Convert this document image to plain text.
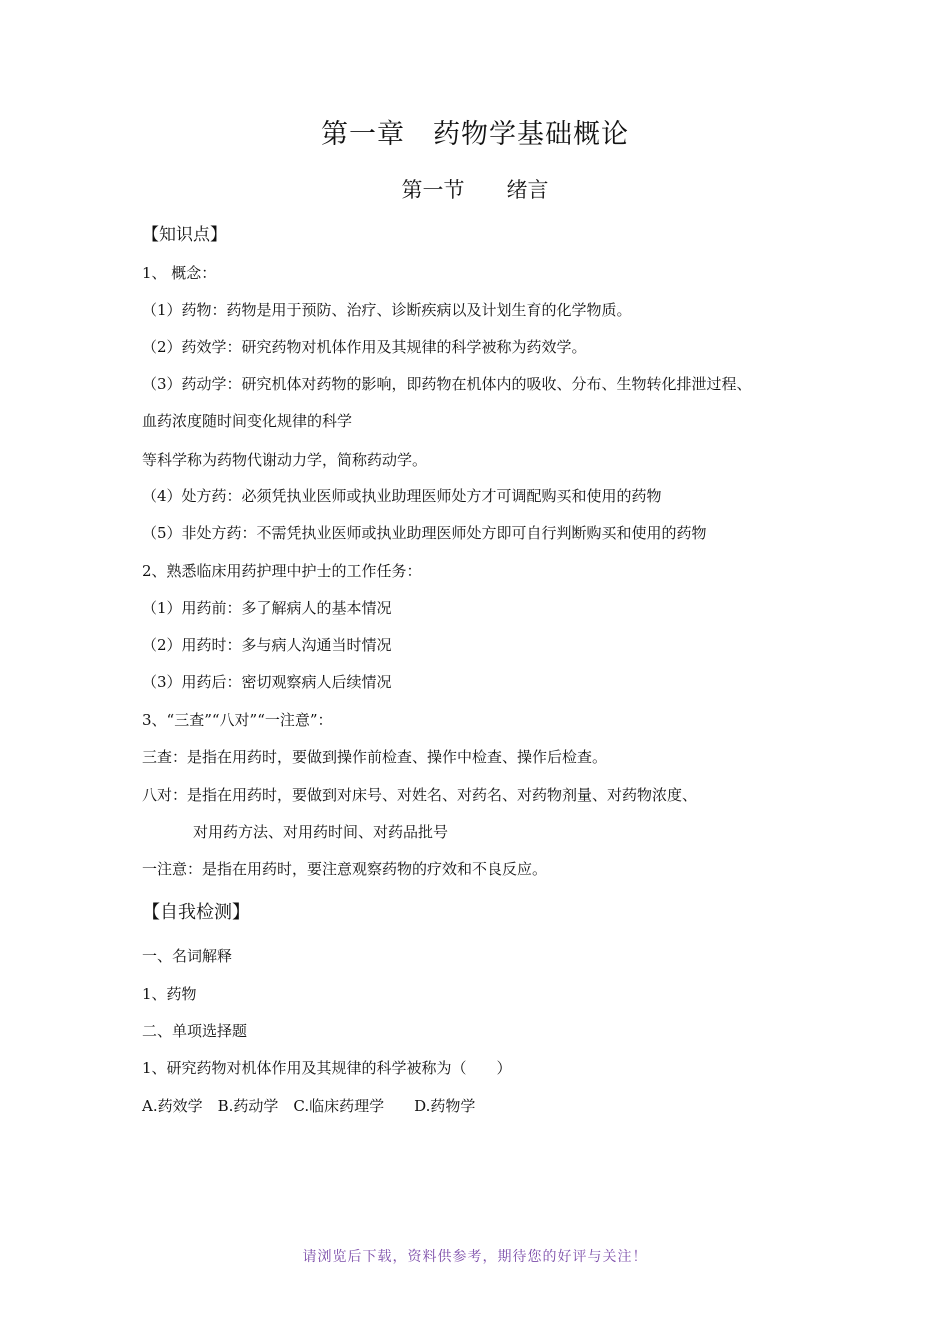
第一章　药物学基础概论
第一节　　绪言
【知识点】
1、 概念：
（1）药物：药物是用于预防、治疗、诊断疾病以及计划生育的化学物质。
（2）药效学：研究药物对机体作用及其规律的科学被称为药效学。
（3）药动学：研究机体对药物的影响，即药物在机体内的吸收、分布、生物转化排泄过程、
血药浓度随时间变化规律的科学
等科学称为药物代谢动力学，简称药动学。
（4）处方药：必须凭执业医师或执业助理医师处方才可调配购买和使用的药物
（5）非处方药：不需凭执业医师或执业助理医师处方即可自行判断购买和使用的药物
2、熟悉临床用药护理中护士的工作任务：
（1）用药前：多了解病人的基本情况
（2）用药时：多与病人沟通当时情况
（3）用药后：密切观察病人后续情况
3、“三查”“八对”“一注意”：
三查：是指在用药时，要做到操作前检查、操作中检查、操作后检查。
八对：是指在用药时，要做到对床号、对姓名、对药名、对药物剂量、对药物浓度、
对用药方法、对用药时间、对药品批号
一注意：是指在用药时，要注意观察药物的疗效和不良反应。
【自我检测】
一、名词解释
1、药物
二、单项选择题
1、研究药物对机体作用及其规律的科学被称为（　　）
A.药效学　B.药动学　C.临床药理学　　D.药物学
请浏览后下载，资料供参考，期待您的好评与关注！
